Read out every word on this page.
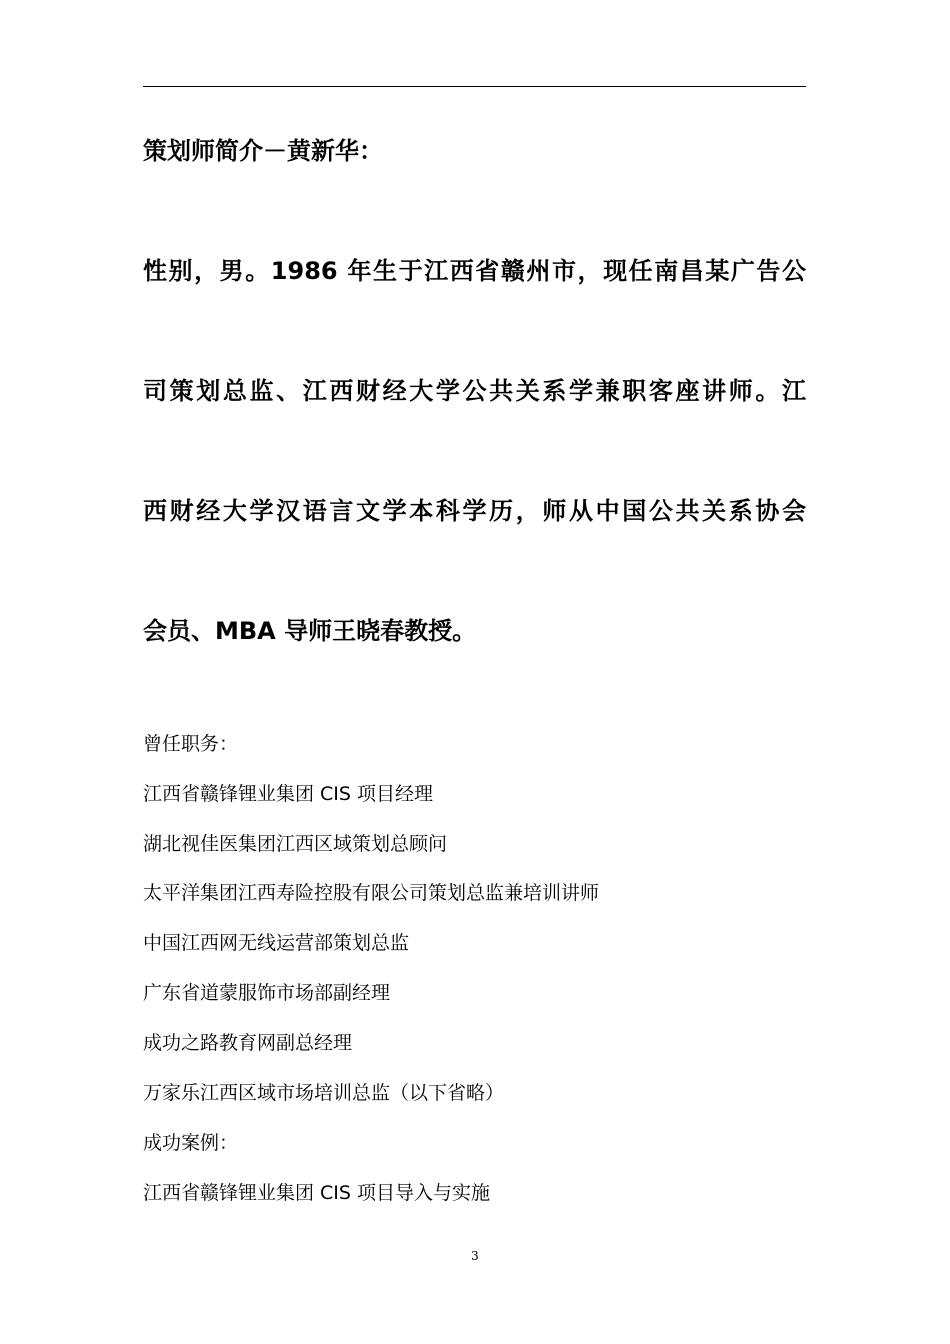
策划师简介－黄新华：

性别，男。1986 年生于江西省赣州市，现任南昌某广告公

司策划总监、江西财经大学公共关系学兼职客座讲师。江

西财经大学汉语言文学本科学历，师从中国公共关系协会

会员、MBA 导师王晓春教授。

曾任职务：

江西省赣锋锂业集团 CIS 项目经理

湖北视佳医集团江西区域策划总顾问

太平洋集团江西寿险控股有限公司策划总监兼培训讲师

中国江西网无线运营部策划总监

广东省道蒙服饰市场部副经理

成功之路教育网副总经理

万家乐江西区域市场培训总监（以下省略）

成功案例：

江西省赣锋锂业集团 CIS 项目导入与实施

3
